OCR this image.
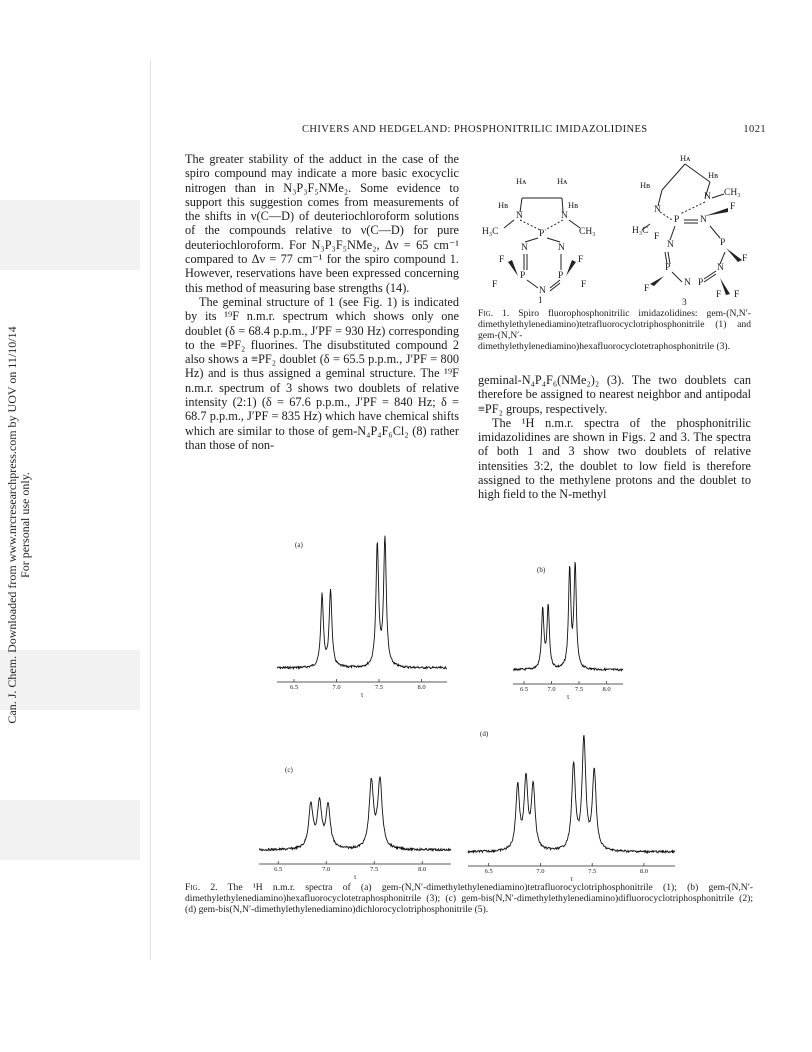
Can. J. Chem. Downloaded from www.nrcresearchpress.com by UOV on 11/10/14 For personal use only.
CHIVERS AND HEDGELAND: PHOSPHONITRILIC IMIDAZOLIDINES	1021

The greater stability of the adduct in the case of the spiro compound may indicate a more basic exocyclic nitrogen than in N₃P₃F₅NMe₂. Some evidence to support this suggestion comes from measurements of the shifts in ν(C—D) of deuteriochloroform solutions of the compounds relative to ν(C—D) for pure deuteriochloroform. For N₃P₃F₅NMe₂, Δν = 65 cm⁻¹ compared to Δν = 77 cm⁻¹ for the spiro compound 1. However, reservations have been expressed concerning this method of measuring base strengths (14).

The geminal structure of 1 (see Fig. 1) is indicated by its ¹⁹F n.m.r. spectrum which shows only one doublet (δ = 68.4 p.p.m., J′PF = 930 Hz) corresponding to the ≡PF₂ fluorines. The disubstituted compound 2 also shows a ≡PF₂ doublet (δ = 65.5 p.p.m., J′PF = 800 Hz) and is thus assigned a geminal structure. The ¹⁹F n.m.r. spectrum of 3 shows two doublets of relative intensity (2:1) (δ = 67.6 p.p.m., J′PF = 840 Hz; δ = 68.7 p.p.m., J′PF = 835 Hz) which have chemical shifts which are similar to those of gem-N₄P₄F₆Cl₂ (8) rather than those of non-

Hᴀ	Hᴀ
Hʙ	Hʙ
N	N
H₃C	CH₃
P
N	N
F	F
P	P
F	F
N
1
Hᴀ
Hʙ
Hʙ
N CH₃
N	F
P N
H₃C
F
N	P
F
P	N
N P
F
F F
3
Fig. 1. Spiro fluorophosphonitrilic imidazolidines: gem-(N,N′-dimethylethylenediamino)tetrafluorocyclotriphosphonitrile (1) and gem-(N,N′-dimethylethylenediamino)hexafluorocyclotetraphosphonitrile (3).

geminal-N₄P₄F₆(NMe₂)₂ (3). The two doublets can therefore be assigned to nearest neighbor and antipodal ≡PF₂ groups, respectively.

The ¹H n.m.r. spectra of the phosphonitrilic imidazolidines are shown in Figs. 2 and 3. The spectra of both 1 and 3 show two doublets of relative intensities 3:2, the doublet to low field is therefore assigned to the methylene protons and the doublet to high field to the N-methyl

(a)
6.5	7.0	7.5	8.0
τ
(b)
6.5	7.0	7.5	8.0
τ
(c)
6.5	7.0	7.5	8.0
τ
(d)
6.5	7.0	7.5	8.0
τ
Fig. 2. The ¹H n.m.r. spectra of (a) gem-(N,N′-dimethylethylenediamino)tetrafluorocyclotriphosphonitrile (1); (b) gem-(N,N′-dimethylethylenediamino)hexafluorocyclotetraphosphonitrile (3); (c) gem-bis(N,N′-dimethylethylenediamino)difluorocyclotriphosphonitrile (2); (d) gem-bis(N,N′-dimethylethylenediamino)dichlorocyclotriphosphonitrile (5).
